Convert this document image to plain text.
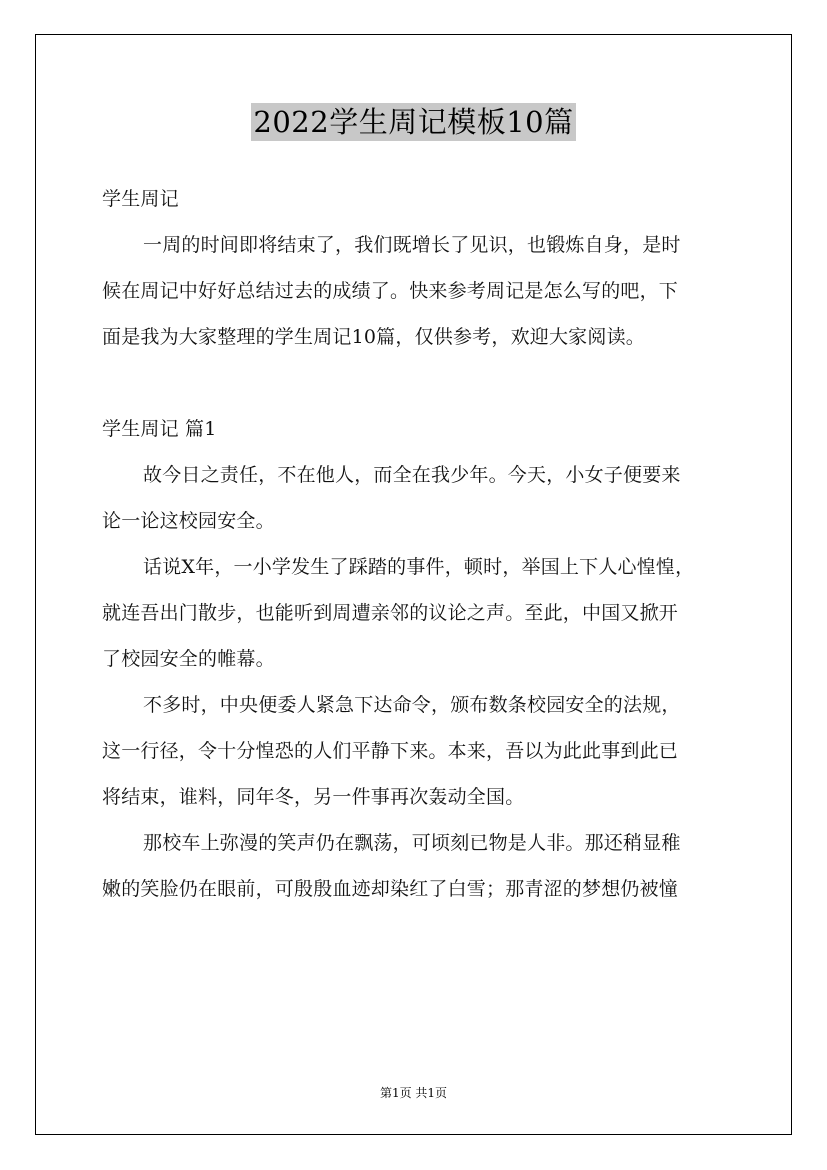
2022学生周记模板10篇
学生周记
一周的时间即将结束了，我们既增长了见识，也锻炼自身，是时
候在周记中好好总结过去的成绩了。快来参考周记是怎么写的吧，下
面是我为大家整理的学生周记10篇，仅供参考，欢迎大家阅读。
学生周记 篇1
故今日之责任，不在他人，而全在我少年。今天，小女子便要来
论一论这校园安全。
话说X年，一小学发生了踩踏的事件，顿时，举国上下人心惶惶，
就连吾出门散步，也能听到周遭亲邻的议论之声。至此，中国又掀开
了校园安全的帷幕。
不多时，中央便委人紧急下达命令，颁布数条校园安全的法规，
这一行径，令十分惶恐的人们平静下来。本来，吾以为此此事到此已
将结束，谁料，同年冬，另一件事再次轰动全国。
那校车上弥漫的笑声仍在飘荡，可顷刻已物是人非。那还稍显稚
嫩的笑脸仍在眼前，可殷殷血迹却染红了白雪；那青涩的梦想仍被憧
第1页 共1页
